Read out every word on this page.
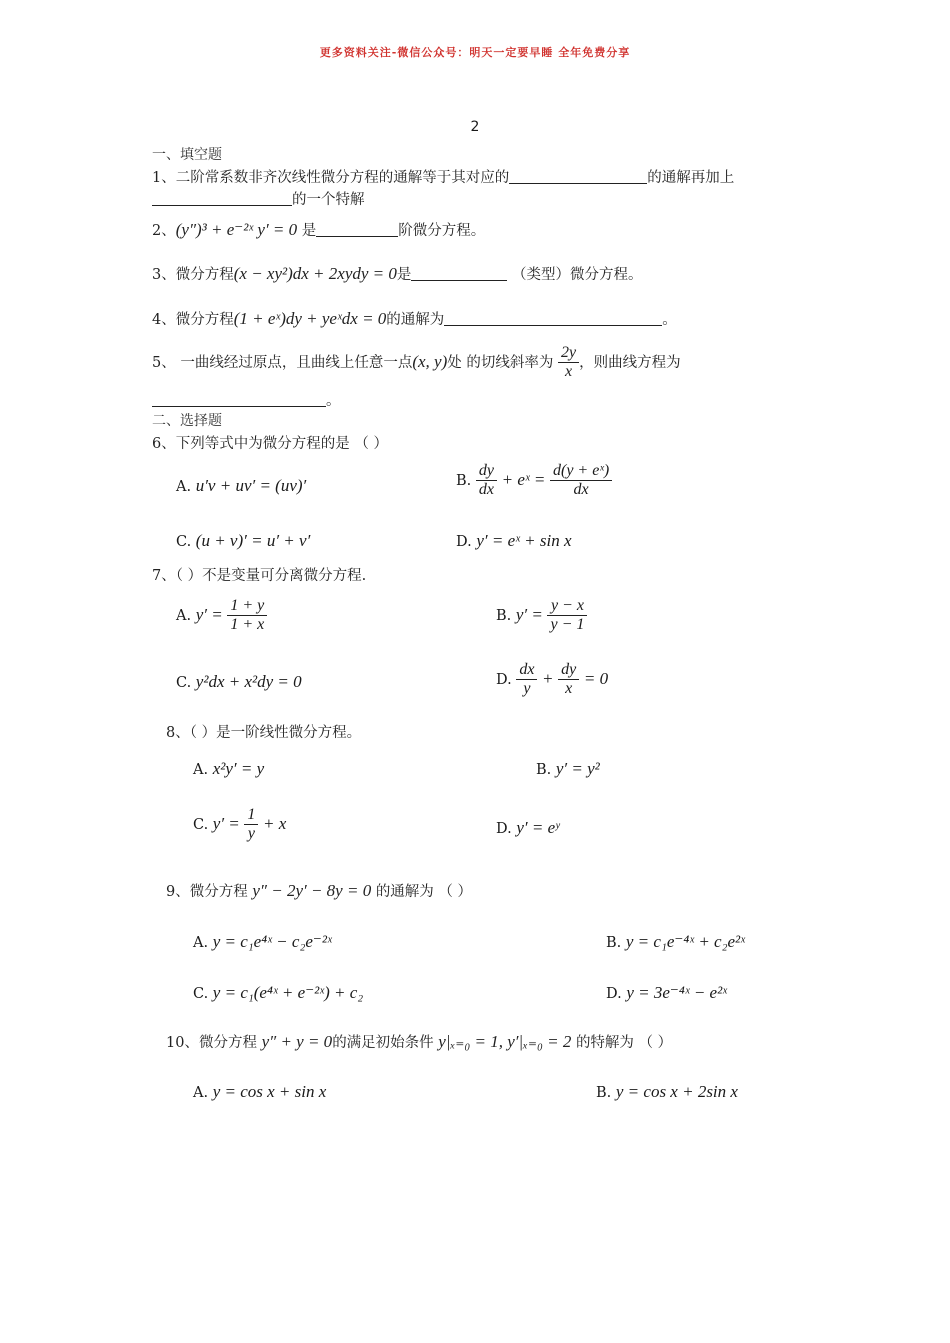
更多资料关注-微信公众号：明天一定要早睡 全年免费分享
2
一、填空题
1、二阶常系数非齐次线性微分方程的通解等于其对应的	的通解再加上
的一个特解
2、(y″)³ + e⁻²ˣ y′ = 0 是	阶微分方程。
3、微分方程(x − xy²)dx + 2xydy = 0是	（类型）微分方程。
4、微分方程(1 + eˣ)dy + yeˣdx = 0的通解为	。
5、 一曲线经过原点，且曲线上任意一点(x, y)处 的切线斜率为 $\frac{2y}{x}$ ，则曲线方程为
。
二、选择题
6、下列等式中为微分方程的是 （ ）
A. u′v + uv′ = (uv)′	B. $\frac{dy}{dx}$ + eˣ = $\frac{\text{d(y + eˣ)}}{dx}$
C. (u + v)′ = u′ + v′	D. y′ = eˣ + sin x
7、（ ）不是变量可分离微分方程.
A. $y' = \frac{1 + y}{1 + x}$	B. $y' = \frac{y - x}{y - 1}$
C. y²dx + x²dy = 0	D. $\frac{dx}{y} + \frac{dy}{x} = 0$
8、（ ）是一阶线性微分方程。
A. x²y′ = y	B. y′ = y²
C. $y' = \frac{1}{y} + x$	D. y′ = eʸ
9、微分方程 y″ − 2y′ − 8y = 0 的通解为 （ ）
A. y = c₁e⁴ˣ − c₂e⁻²ˣ	B. y = c₁e⁻⁴ˣ + c₂e²ˣ
C. y = c₁(e⁴ˣ + e⁻²ˣ) + c₂	D. y = 3e⁻⁴ˣ − e²ˣ
10、微分方程 y″ + y = 0的满足初始条件 y|ₓ₌₀ = 1, y′|ₓ₌₀ = 2 的特解为 （ ）
A. y = cos x + sin x	B. y = cos x + 2sin x
